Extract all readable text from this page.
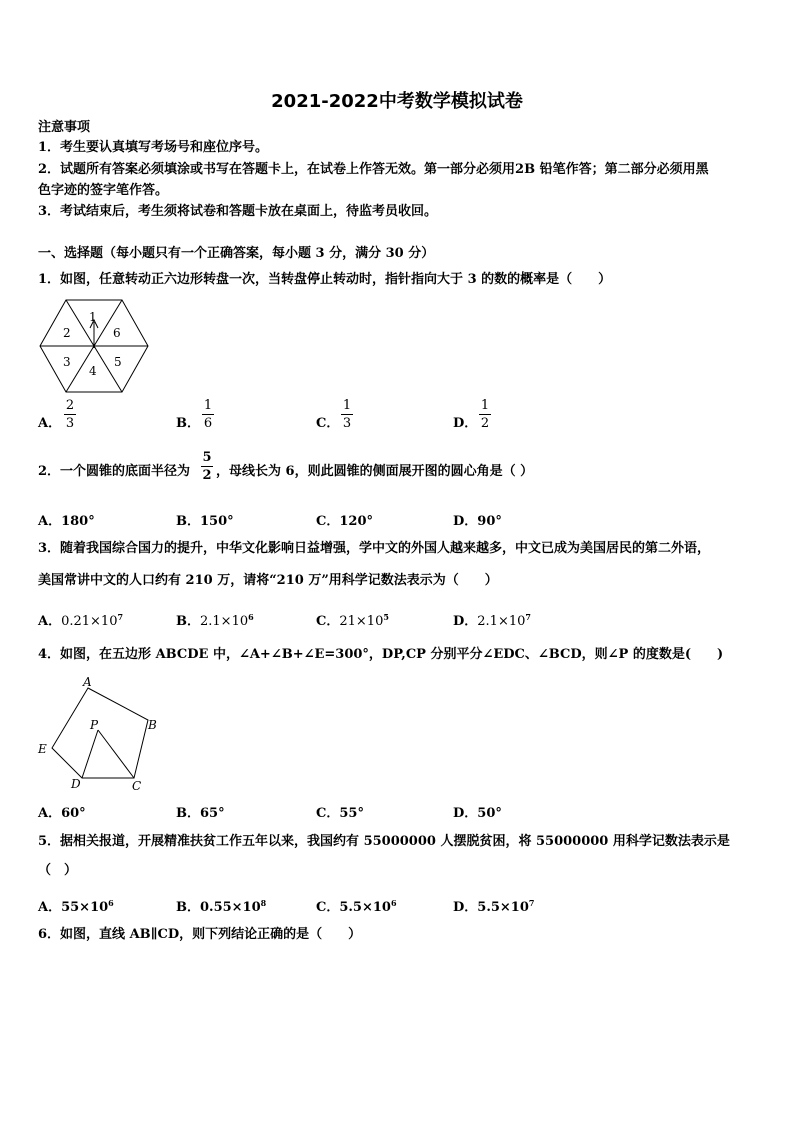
2021-2022中考数学模拟试卷
注意事项
1．考生要认真填写考场号和座位序号。
2．试题所有答案必须填涂或书写在答题卡上，在试卷上作答无效。第一部分必须用2B 铅笔作答；第二部分必须用黑
色字迹的签字笔作答。
3．考试结束后，考生须将试卷和答题卡放在桌面上，待监考员收回。
一、选择题（每小题只有一个正确答案，每小题 3 分，满分 30 分）
1．如图，任意转动正六边形转盘一次，当转盘停止转动时，指针指向大于 3 的数的概率是（　　）
1
6
5
4
3
2
A．
2
3	B．
1
6	C．
1
3	D．
1
2
2．一个圆锥的底面半径为
5
2 ，母线长为 6，则此圆锥的侧面展开图的圆心角是（ ）
A．180°	B．150°	C．120°	D．90°
3．随着我国综合国力的提升，中华文化影响日益增强，学中文的外国人越来越多，中文已成为美国居民的第二外语，
美国常讲中文的人口约有 210 万，请将“210 万”用科学记数法表示为（　　）
A．$0.21\times 10^7$	B．$2.1\times 10^6$	C．$21\times 10^5$	D．$2.1\times 10^7$
4．如图，在五边形 ABCDE 中，∠A+∠B+∠E=300°，DP,CP 分别平分∠EDC、∠BCD，则∠P 的度数是(　　)
A
B
C
D
E
P
A．60°	B．65°	C．55°	D．50°
5．据相关报道，开展精准扶贫工作五年以来，我国约有 55000000 人摆脱贫困，将 55000000 用科学记数法表示是
（　）
A．$55\times 10^6$	B．$0.55\times 10^8$	C．$5.5\times 10^6$	D．$5.5\times 10^7$
6．如图，直线 AB∥CD，则下列结论正确的是（　　）
